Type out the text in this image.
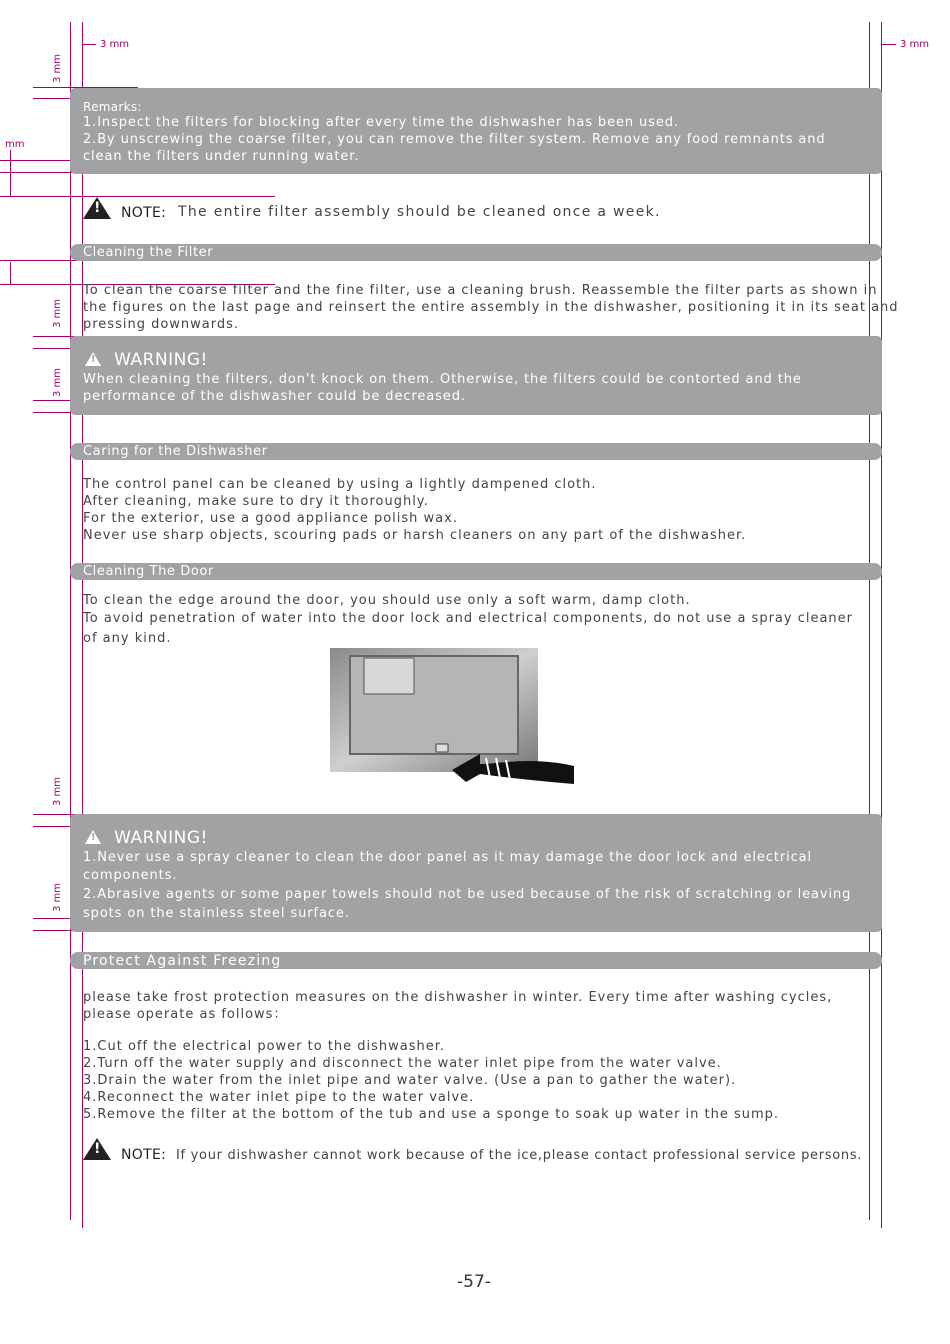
3 mm	3 mm
mm
3 mm
3 mm
3 mm
3 mm
3 mm
Remarks:
1.Inspect the filters for blocking after every time the dishwasher has been used.
2.By unscrewing the coarse filter, you can remove the filter system. Remove any food remnants and
clean the filters under running water.
! NOTE: The entire filter assembly should be cleaned once a week.
Cleaning the Filter
To clean the coarse filter and the fine filter, use a cleaning brush. Reassemble the filter parts as shown in
the figures on the last page and reinsert the entire assembly in the dishwasher, positioning it in its seat and
pressing downwards.
! WARNING!
When cleaning the filters, don't knock on them. Otherwise, the filters could be contorted and the
performance of the dishwasher could be decreased.
Caring for the Dishwasher
The control panel can be cleaned by using a lightly dampened cloth.
After cleaning, make sure to dry it thoroughly.
For the exterior, use a good appliance polish wax.
Never use sharp objects, scouring pads or harsh cleaners on any part of the dishwasher.
Cleaning The Door
To clean the edge around the door, you should use only a soft warm, damp cloth.
To avoid penetration of water into the door lock and electrical components, do not use a spray cleaner
of any kind.
! WARNING!
1.Never use a spray cleaner to clean the door panel as it may damage the door lock and electrical
components.
2.Abrasive agents or some paper towels should not be used because of the risk of scratching or leaving
spots on the stainless steel surface.
Protect Against Freezing
please take frost protection measures on the dishwasher in winter. Every time after washing cycles,
please operate as follows：
1.Cut off the electrical power to the dishwasher.
2.Turn off the water supply and disconnect the water inlet pipe from the water valve.
3.Drain the water from the inlet pipe and water valve. (Use a pan to gather the water).
4.Reconnect the water inlet pipe to the water valve.
5.Remove the filter at the bottom of the tub and use a sponge to soak up water in the sump.
! NOTE: If your dishwasher cannot work because of the ice,please contact professional service persons.
-57-
